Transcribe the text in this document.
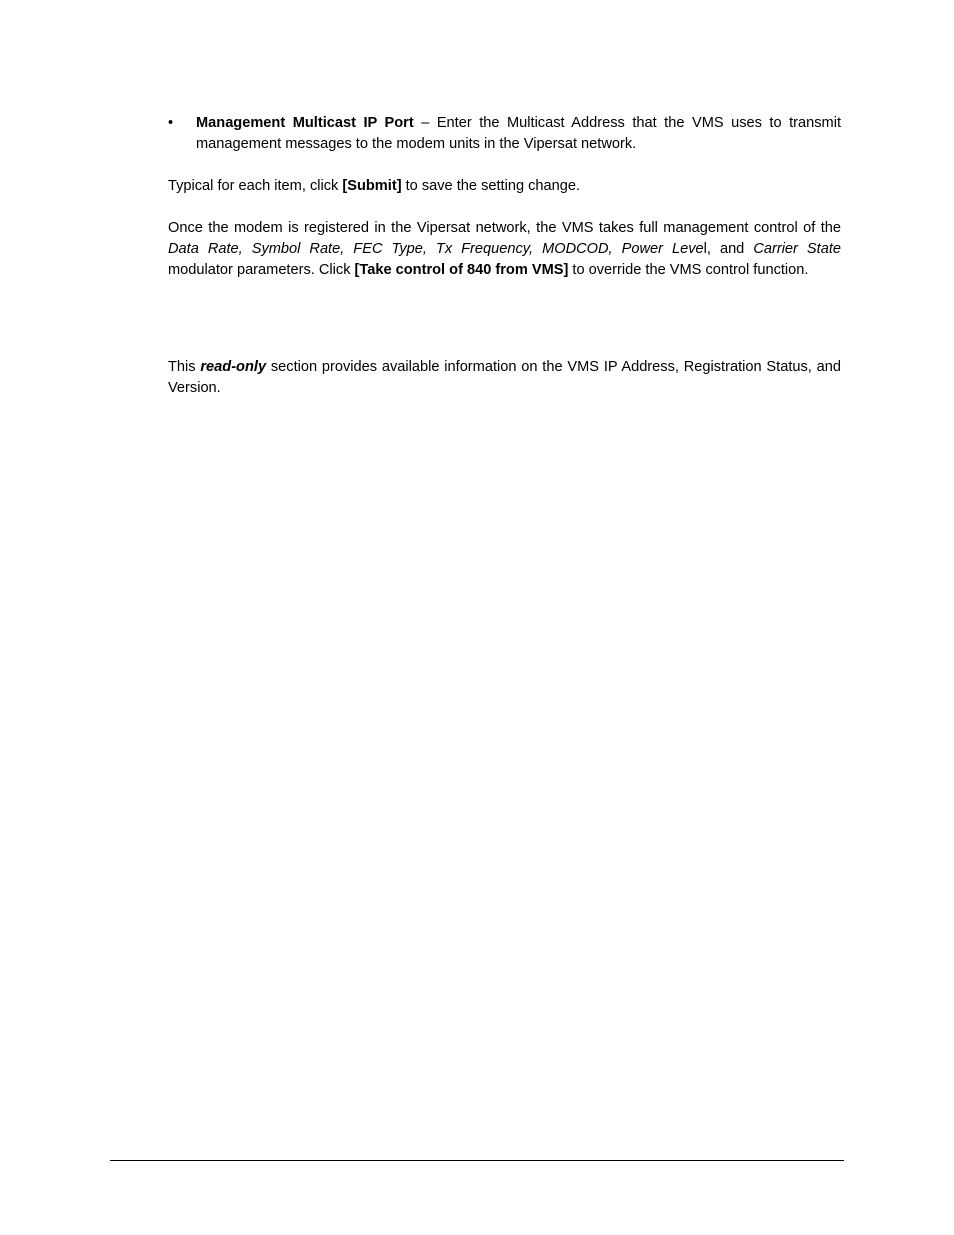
• Management Multicast IP Port – Enter the Multicast Address that the VMS uses to transmit management messages to the modem units in the Vipersat network.
Typical for each item, click [Submit] to save the setting change.
Once the modem is registered in the Vipersat network, the VMS takes full management control of the Data Rate, Symbol Rate, FEC Type, Tx Frequency, MODCOD, Power Level, and Carrier State modulator parameters. Click [Take control of 840 from VMS] to override the VMS control function.
This read-only section provides available information on the VMS IP Address, Registration Status, and Version.
